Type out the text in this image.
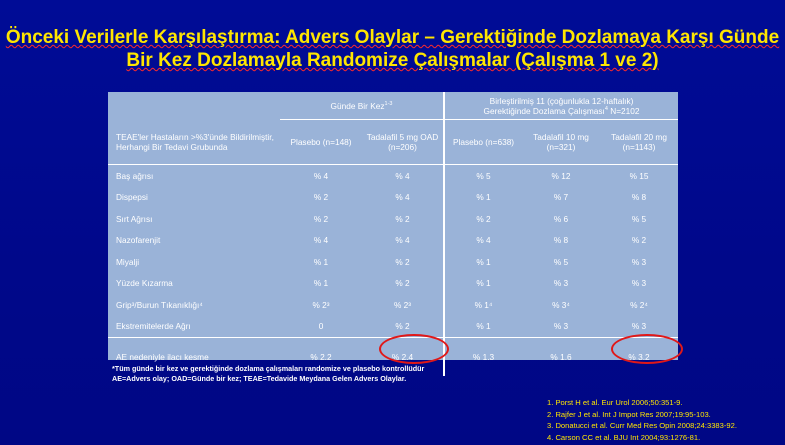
Önceki Verilerle Karşılaştırma: Advers Olaylar – Gerektiğinde Dozlamaya Karşı Günde
Bir Kez Dozlamayla Randomize Çalışmalar (Çalışma 1 ve 2)
	Günde Bir Kez$^{1-3}$		Birleştirilmiş 11 (çoğunlukla 12-haftalık)
Gerektiğinde Dozlama Çalışması$^4$ N=2102		
TEAE'ler Hastaların >%3'ünde Bildirilmiştir, Herhangi Bir Tedavi Grubunda	Plasebo (n=148)	Tadalafil 5 mg OAD (n=206)	Plasebo (n=638)	Tadalafil 10 mg (n=321)	Tadalafil 20 mg (n=1143)
Baş ağrısı	% 4	% 4	% 5	% 12	% 15
Dispepsi	% 2	% 4	% 1	% 7	% 8
Sırt Ağrısı	% 2	% 2	% 2	% 6	% 5
Nazofarenjit	% 4	% 4	% 4	% 8	% 2
Miyalji	% 1	% 2	% 1	% 5	% 3
Yüzde Kızarma	% 1	% 2	% 1	% 3	% 3
Grip³/Burun Tıkanıklığı⁴	% 2³	% 2³	% 1⁴	% 3⁴	% 2⁴
Ekstremitelerde Ağrı	0	% 2	% 1	% 3	% 3
AE nedeniyle ilacı kesme	% 2.2	% 2.4	% 1.3	% 1.6	% 3.2
*Tüm günde bir kez ve gerektiğinde dozlama çalışmaları randomize ve plasebo kontrollüdür
AE=Advers olay; OAD=Günde bir kez; TEAE=Tedavide Meydana Gelen Advers Olaylar.
1. Porst H et al. Eur Urol 2006;50:351-9.
2. Rajfer J et al. Int J Impot Res 2007;19:95-103.
3. Donatucci et al. Curr Med Res Opin 2008;24:3383-92.
4. Carson CC et al. BJU Int 2004;93:1276-81.
